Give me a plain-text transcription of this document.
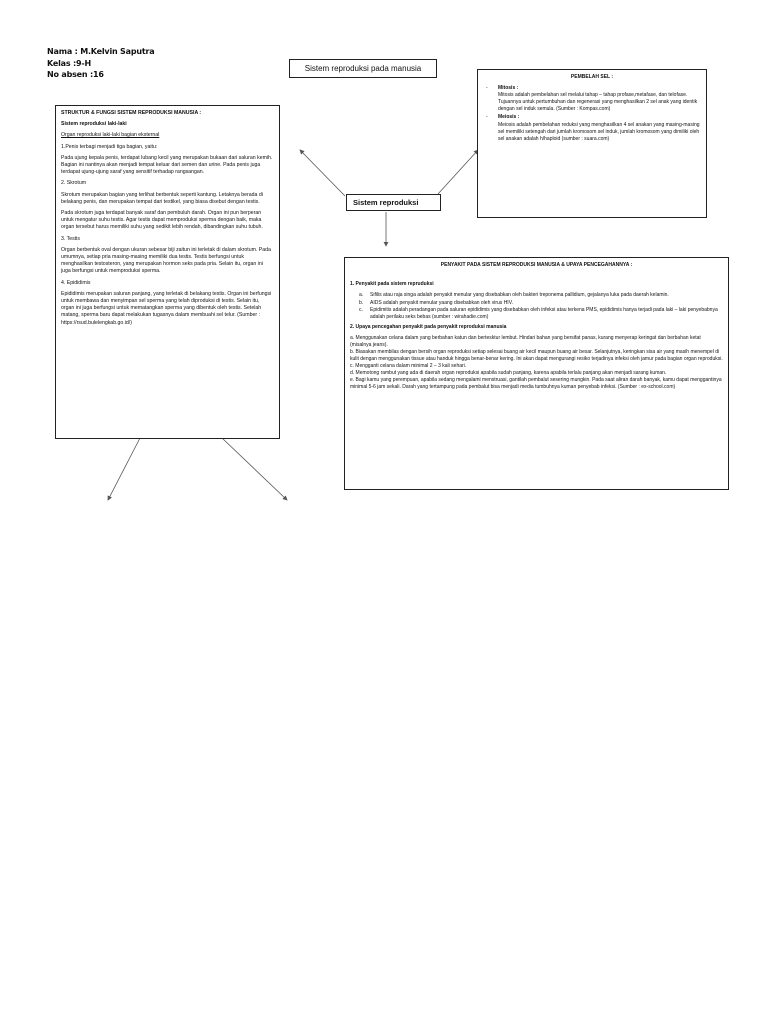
Nama : M.Kelvin Saputra
Kelas :9-H
No absen :16
Sistem reproduksi pada manusia
Sistem reproduksi
STRUKTUR & FUNGSI SISTEM REPRODUKSI MANUSIA :

Sistem reproduksi laki-laki

Organ reproduksi laki-laki bagian eksternal

1.Penis terbagi menjadi tiga bagian, yaitu:

Pada ujung kepala penis, terdapat lubang kecil yang merupakan bukaan dari saluran kemih. Bagian ini nantinya akan menjadi tempat keluar dari semen dan urine. Pada penis juga terdapat ujung-ujung saraf yang sensitif terhadap rangsangan.

2. Skrotum

Skrotum merupakan bagian yang terlihat berbentuk seperti kantung. Letaknya berada di belakang penis, dan merupakan tempat dari testikel, yang biasa disebut dengan testis.

Pada skrotum juga terdapat banyak saraf dan pembuluh darah. Organ ini pun berperan untuk mengatur suhu testis. Agar testis dapat memproduksi sperma dengan baik, maka organ tersebut harus memiliki suhu yang sedikit lebih rendah, dibandingkan suhu tubuh.

3. Testis

Organ berbentuk oval dengan ukuran sebesar biji zaitun ini terletak di dalam skrotum. Pada umumnya, setiap pria masing-masing memiliki dua testis. Testis berfungsi untuk menghasilkan testosteron, yang merupakan hormon seks pada pria. Selain itu, organ ini juga berfungsi untuk memproduksi sperma.

4. Epididimis

Epididimis merupakan saluran panjang, yang terletak di belakang testis. Organ ini berfungsi untuk membawa dan menyimpan sel sperma yang telah diproduksi di testis. Selain itu, organ ini juga berfungsi untuk mematangkan sperma yang dibentuk oleh testis. Setelah matang, sperma baru dapat melakukan tugasnya dalam membuahi sel telur. (Sumber : https://rsud.bulelengkab.go.id/)

PEMBELAH SEL :
- Mitosis :
Mitosis adalah pembelahan sel melalui tahap – tahap profase,metafase, dan telofase. Tujuannya untuk pertumbuhan dan regenerasi yang menghasilkan 2 sel anak yang identik dengan sel induk semula. (Sumber : Kompas.com)
- Meiosis :
Meiosis adalah pembelahan reduksi yang menghasilkan 4 sel anakan yang masing-masing sel memiliki setengah dari jumlah kromosom sel induk, jumlah kromosom yang dimiliki oleh sel anakan adalah h/haploid (sumber : suara.com)
PENYAKIT PADA SISTEM REPRODUKSI MANUSIA & UPAYA PENCEGAHANNYA :
1. Penyakit pada sistem repruduksi
a. Sifilis atau raja singa adalah penyakit menular yang disebabkan oleh bakteri treponema pallidium, gejalanya luka pada daerah kelamin.
b. AIDS adalah penyakit menular yaang disebabkan oleh virus HIV.
c. Epidimitis adalah peradangan pada saluran epididimis yang disebabkan oleh infeksi atau terkena PMS, epididimis hanya terjadi pada laki – laki penyebabnya adalah perilaku seks bebas (sumber : wirahadie.com)
2. Upaya pencegahan penyakit pada penyakit reproduksi manusia
a. Menggunakan celana dalam yang berbahan katun dan bertesktur lembut. Hindari bahan yang bersifat panas, kurang menyerap keringat dan berbahan ketat (misalnya jeans).
b. Biasakan membilas dengan bersih organ reproduksi setiap selesai buang air kecil maupun buang air besar. Selanjutnya, keringkan sisa air yang masih menempel di kulit dengan menggunakan tissue atau handuk hingga benar-benar kering. Ini akan dapat mengurangi resiko terjadinya infeksi oleh jamur pada bagian organ reproduksi.
c. Mengganti celana dalam minimal 2 – 3 kali sehari.
d. Memotong rambut yang ada di daerah organ reproduksi apabila sudah panjang, karena apabila terlalu panjang akan menjadi sarang kuman.
e. Bagi kamu yang perempuan, apabila sedang mengalami menstruasi, gantilah pembalut sesering mungkin. Pada saat aliran darah banyak, kamu dapat menggantinya minimal 5-6 jam sekali. Darah yang tertampung pada pembalut bisa menjadi media tumbuhnya kuman penyebab infeksi. (Sumber : ex-school.com)
